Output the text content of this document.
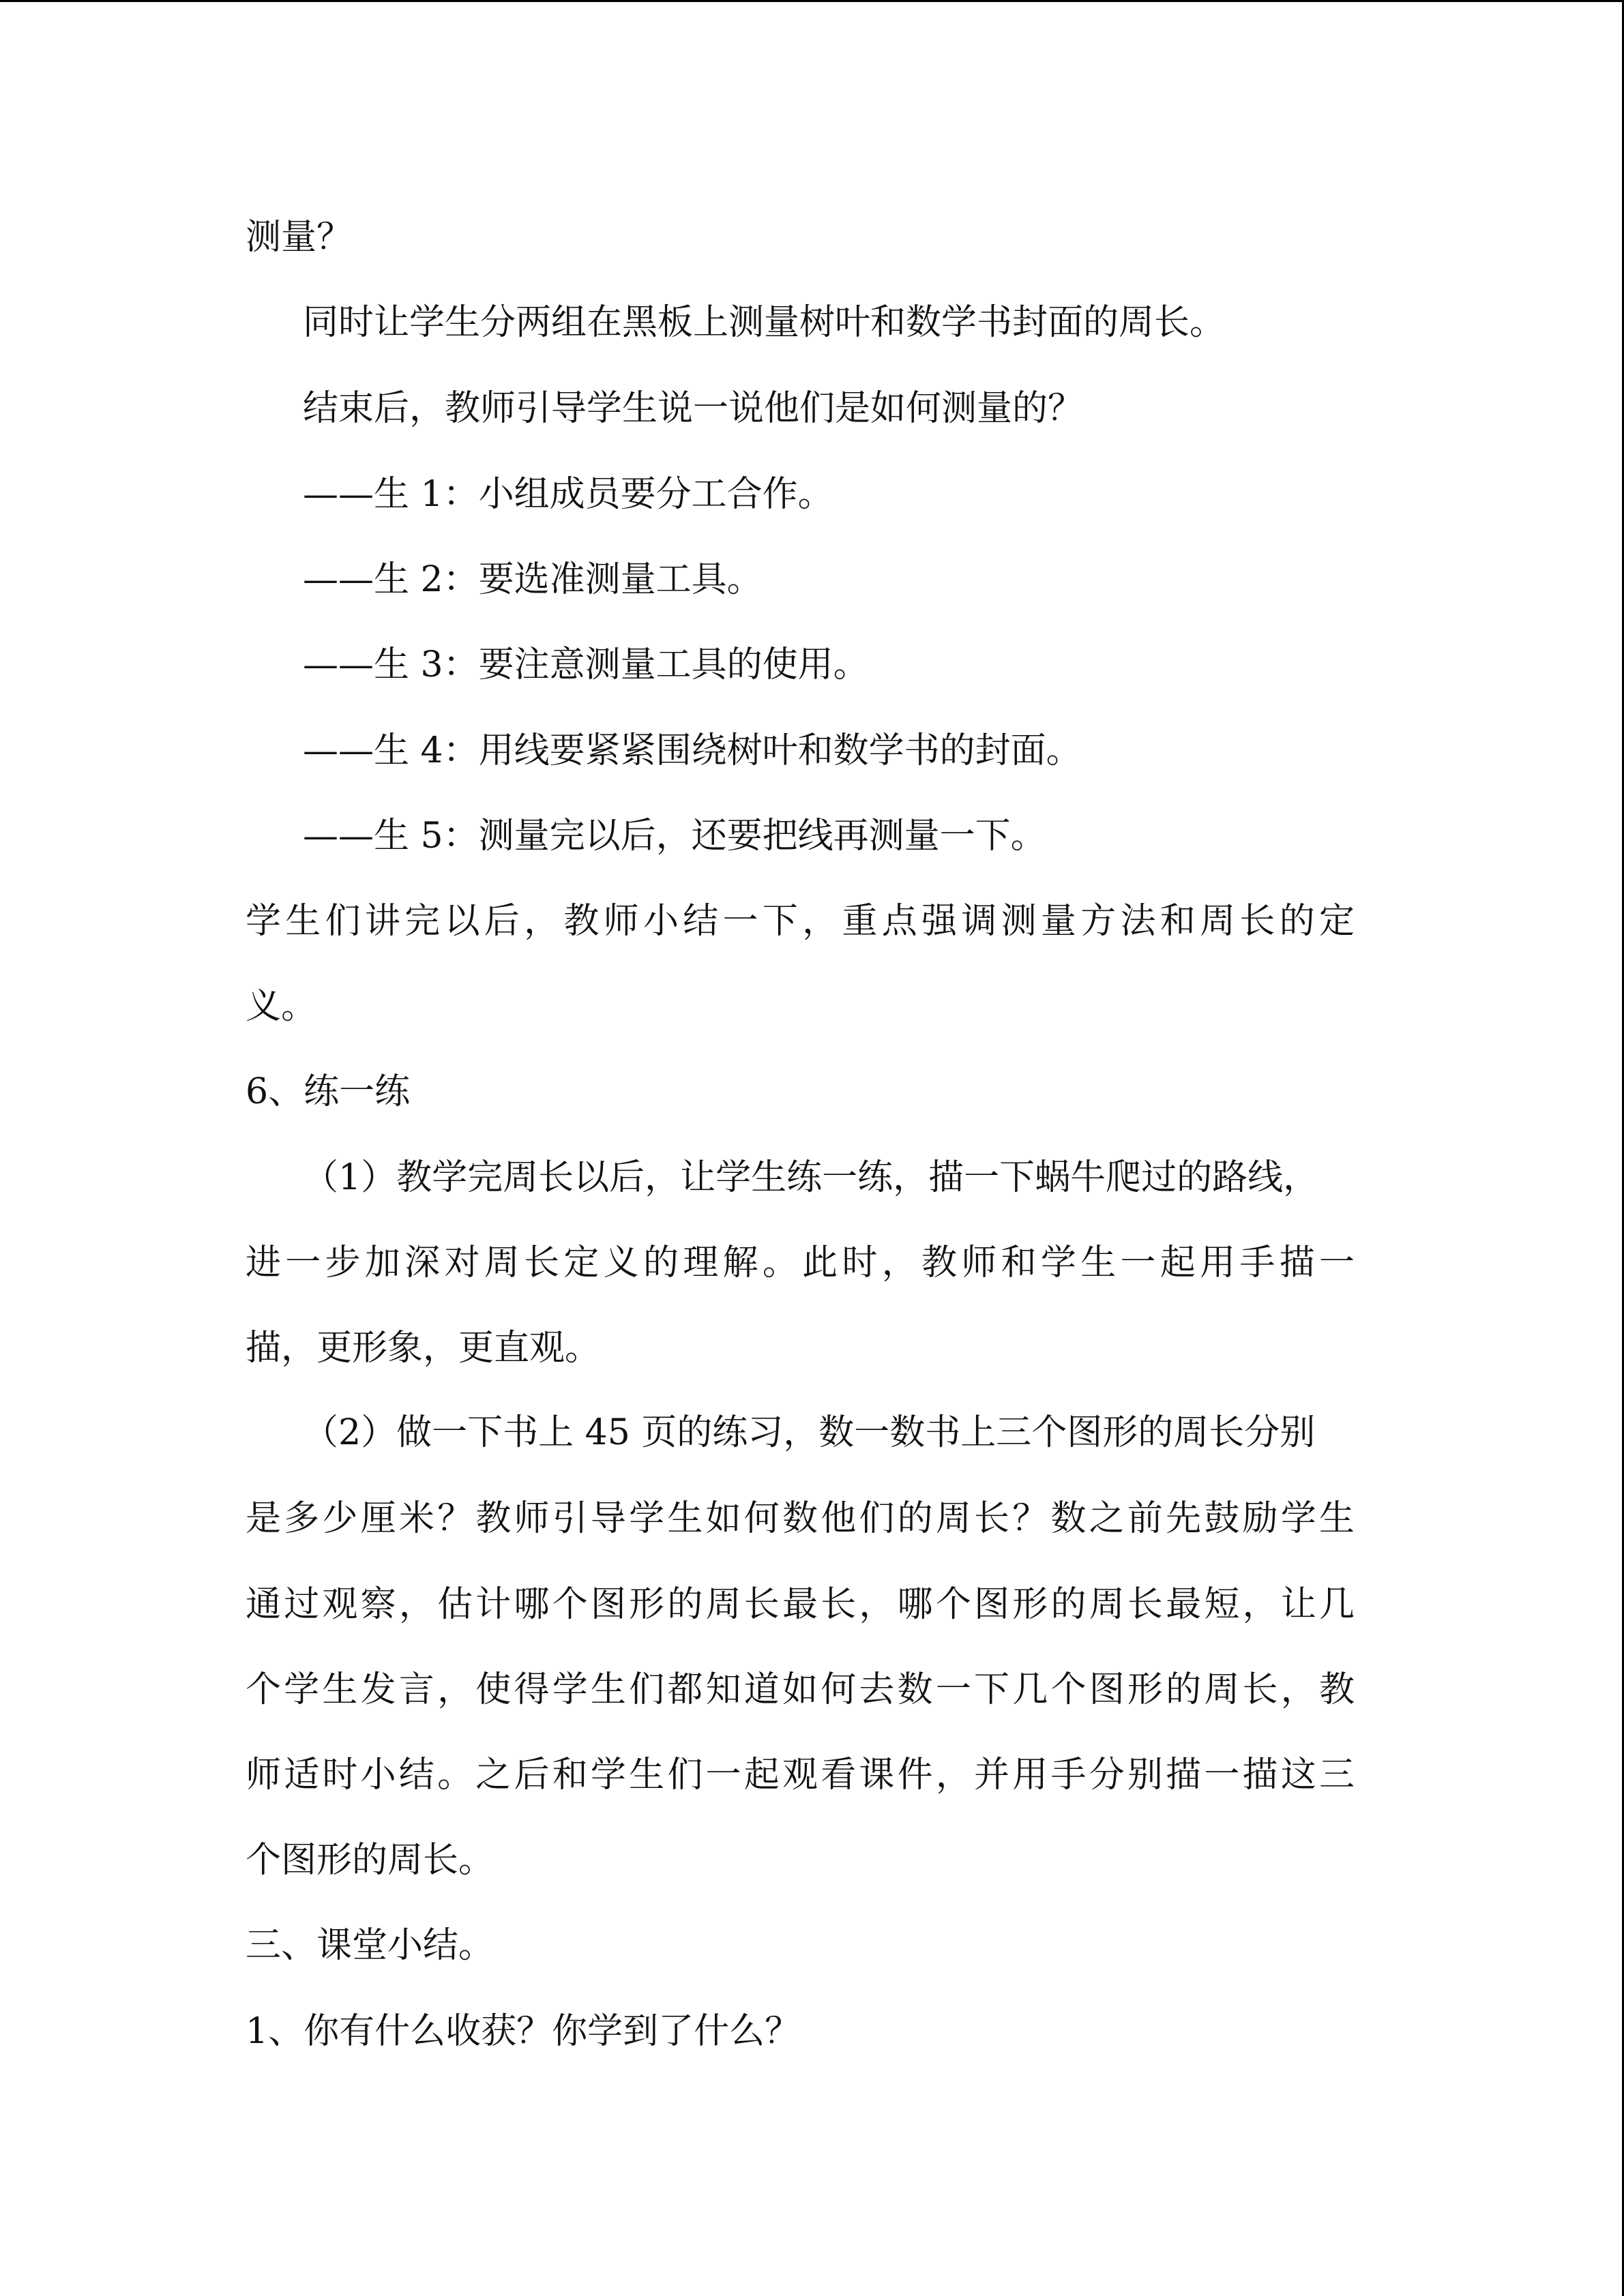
测量？
同时让学生分两组在黑板上测量树叶和数学书封面的周长。
结束后，教师引导学生说一说他们是如何测量的？
——生 1：小组成员要分工合作。
——生 2：要选准测量工具。
——生 3：要注意测量工具的使用。
——生 4：用线要紧紧围绕树叶和数学书的封面。
——生 5：测量完以后，还要把线再测量一下。
学生们讲完以后，教师小结一下，重点强调测量方法和周长的定
义。
6、练一练
（1）教学完周长以后，让学生练一练，描一下蜗牛爬过的路线，
进一步加深对周长定义的理解。此时，教师和学生一起用手描一
描，更形象，更直观。
（2）做一下书上 45 页的练习，数一数书上三个图形的周长分别
是多少厘米？教师引导学生如何数他们的周长？数之前先鼓励学生
通过观察，估计哪个图形的周长最长，哪个图形的周长最短，让几
个学生发言，使得学生们都知道如何去数一下几个图形的周长，教
师适时小结。之后和学生们一起观看课件，并用手分别描一描这三
个图形的周长。
三、课堂小结。
1、你有什么收获？你学到了什么？
